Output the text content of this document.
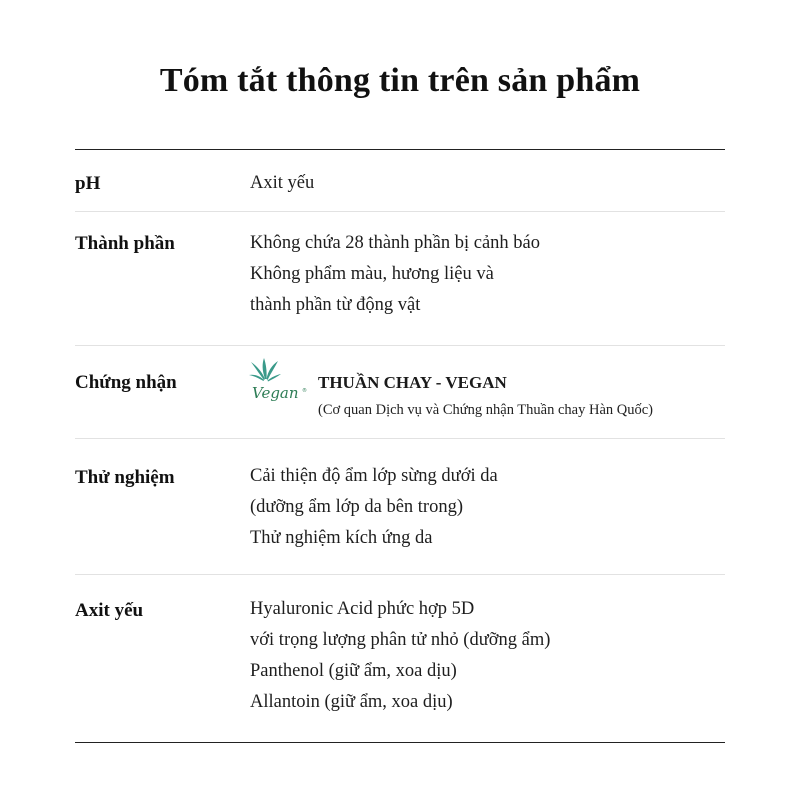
Tóm tắt thông tin trên sản phẩm
pH	Axit yếu
Thành phần	Không chứa 28 thành phần bị cảnh báo
Không phẩm màu, hương liệu và
thành phần từ động vật
Chứng nhận	Vegan ® THUẦN CHAY - VEGAN
(Cơ quan Dịch vụ và Chứng nhận Thuần chay Hàn Quốc)
Thử nghiệm	Cải thiện độ ẩm lớp sừng dưới da
(dưỡng ẩm lớp da bên trong)
Thử nghiệm kích ứng da
Axit yếu	Hyaluronic Acid phức hợp 5D
với trọng lượng phân tử nhỏ (dưỡng ẩm)
Panthenol (giữ ẩm, xoa dịu)
Allantoin (giữ ẩm, xoa dịu)
